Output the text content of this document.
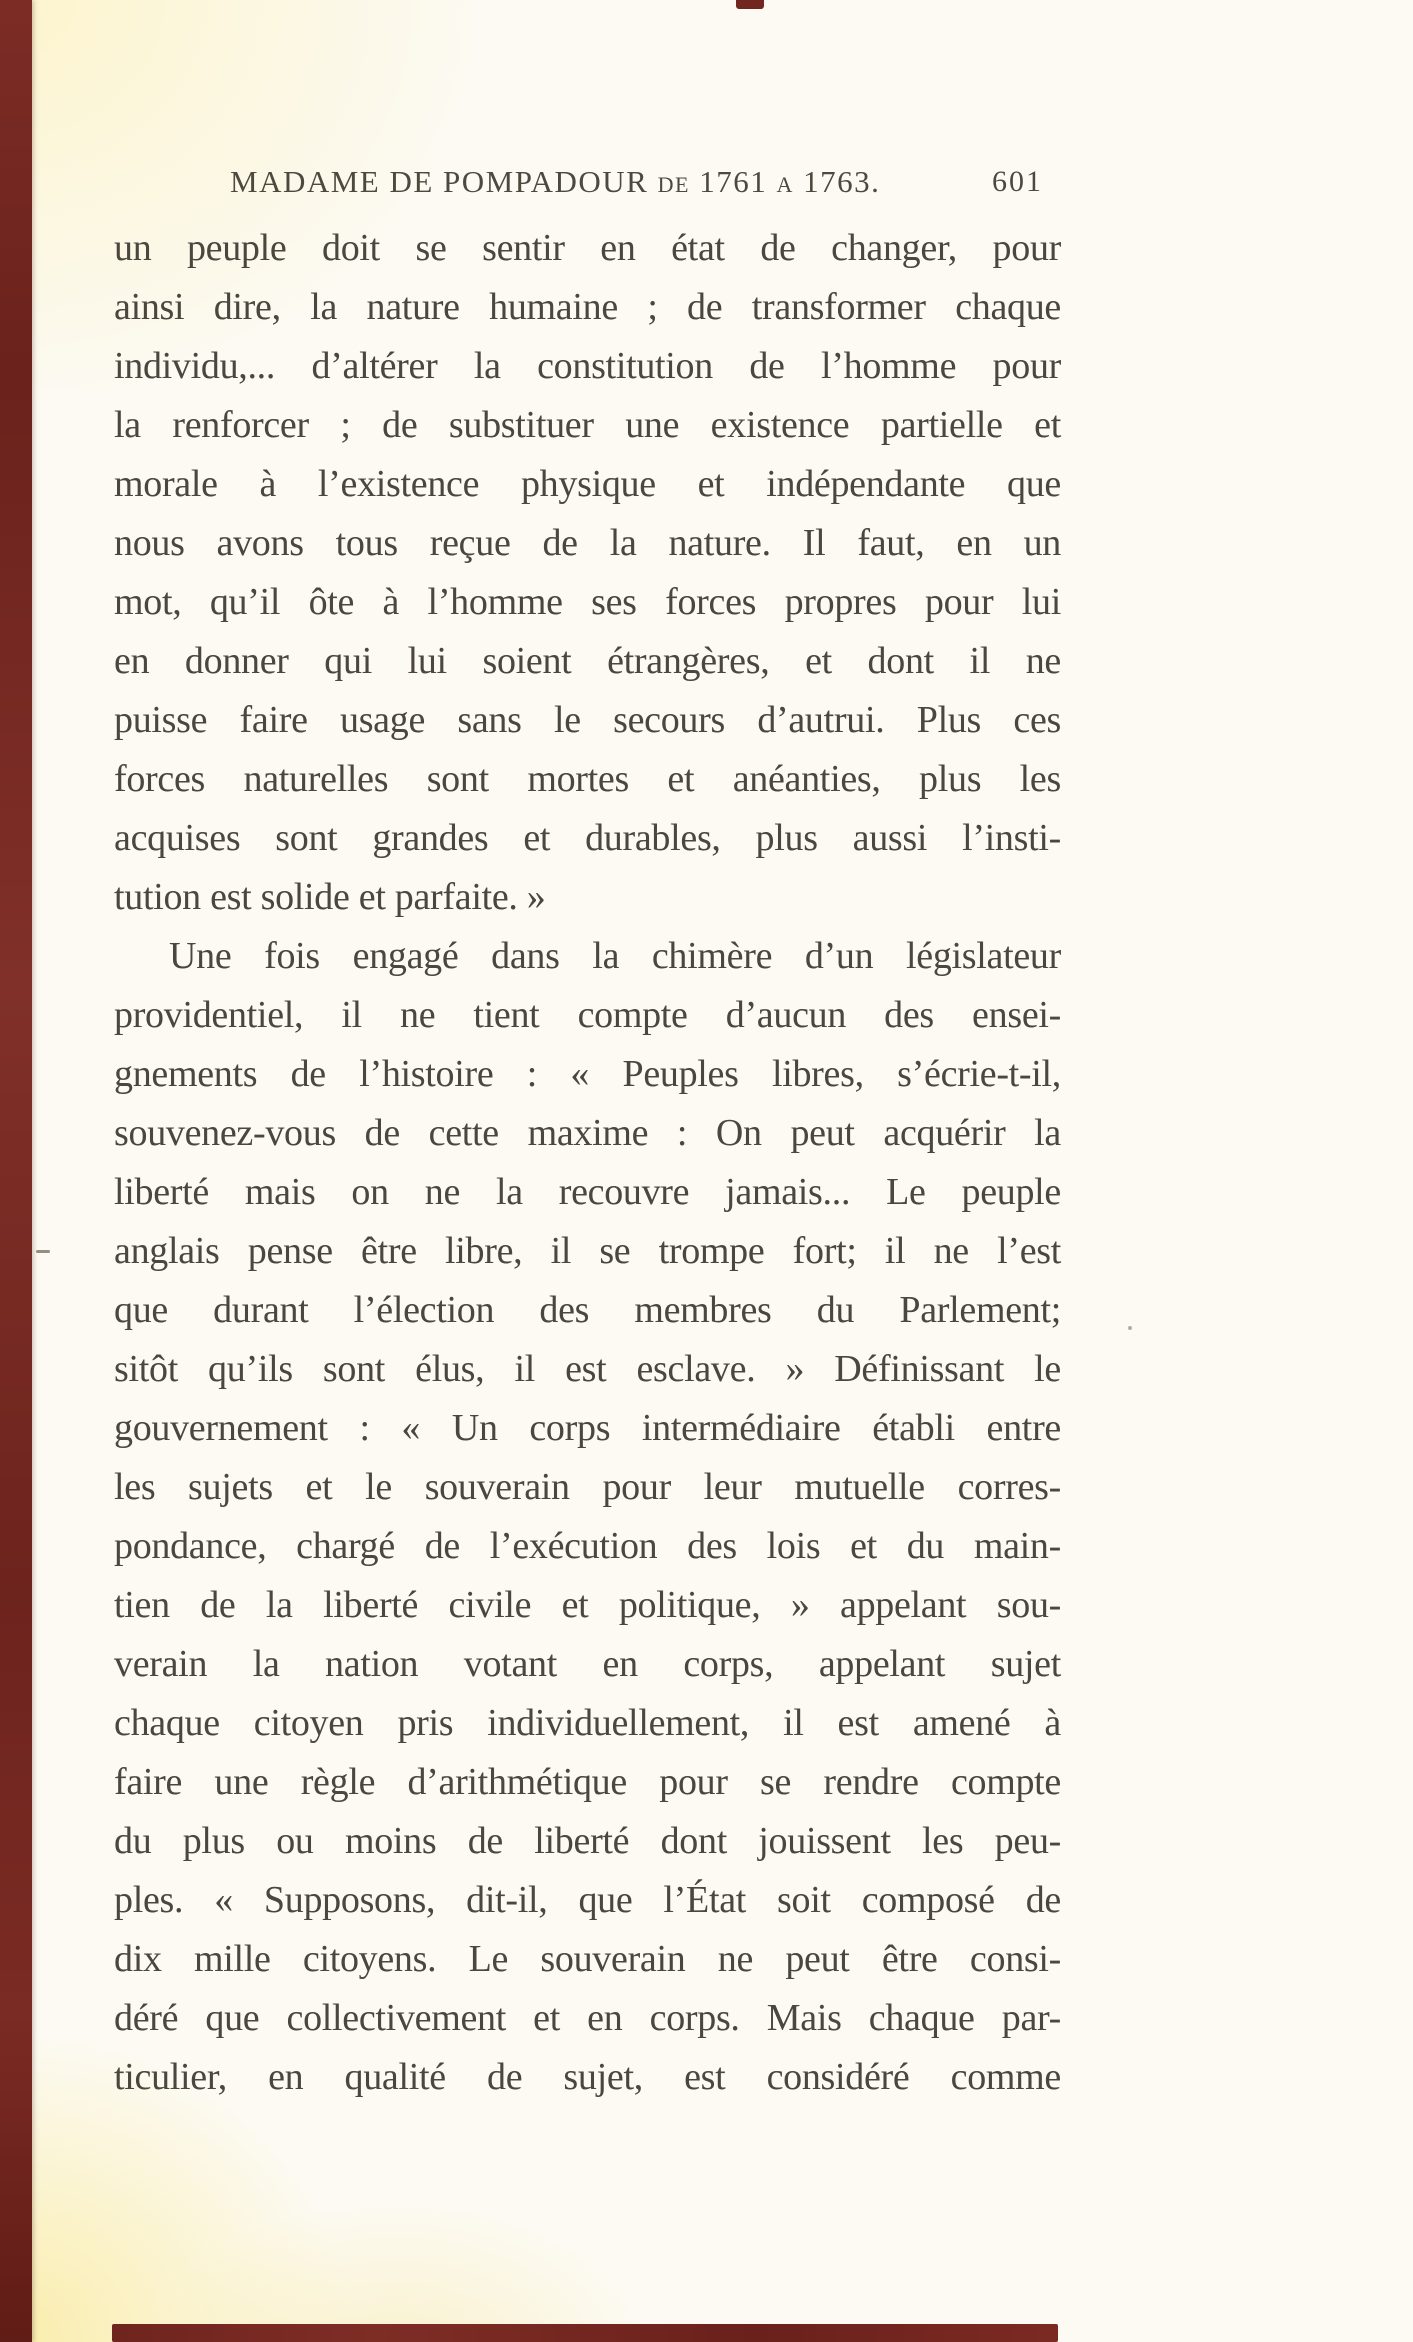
MADAME DE POMPADOUR de 1761 a 1763.	601
un peuple doit se sentir en état de changer, pour
ainsi dire, la nature humaine ; de transformer chaque
individu,... d’altérer la constitution de l’homme pour
la renforcer ; de substituer une existence partielle et
morale à l’existence physique et indépendante que
nous avons tous reçue de la nature. Il faut, en un
mot, qu’il ôte à l’homme ses forces propres pour lui
en donner qui lui soient étrangères, et dont il ne
puisse faire usage sans le secours d’autrui. Plus ces
forces naturelles sont mortes et anéanties, plus les
acquises sont grandes et durables, plus aussi l’insti-
tution est solide et parfaite. »
Une fois engagé dans la chimère d’un législateur
providentiel, il ne tient compte d’aucun des ensei-
gnements de l’histoire : « Peuples libres, s’écrie-t-il,
souvenez-vous de cette maxime : On peut acquérir la
liberté mais on ne la recouvre jamais... Le peuple
anglais pense être libre, il se trompe fort; il ne l’est
que durant l’élection des membres du Parlement;
sitôt qu’ils sont élus, il est esclave. » Définissant le
gouvernement : « Un corps intermédiaire établi entre
les sujets et le souverain pour leur mutuelle corres-
pondance, chargé de l’exécution des lois et du main-
tien de la liberté civile et politique, » appelant sou-
verain la nation votant en corps, appelant sujet
chaque citoyen pris individuellement, il est amené à
faire une règle d’arithmétique pour se rendre compte
du plus ou moins de liberté dont jouissent les peu-
ples. « Supposons, dit-il, que l’État soit composé de
dix mille citoyens. Le souverain ne peut être consi-
déré que collectivement et en corps. Mais chaque par-
ticulier, en qualité de sujet, est considéré comme
